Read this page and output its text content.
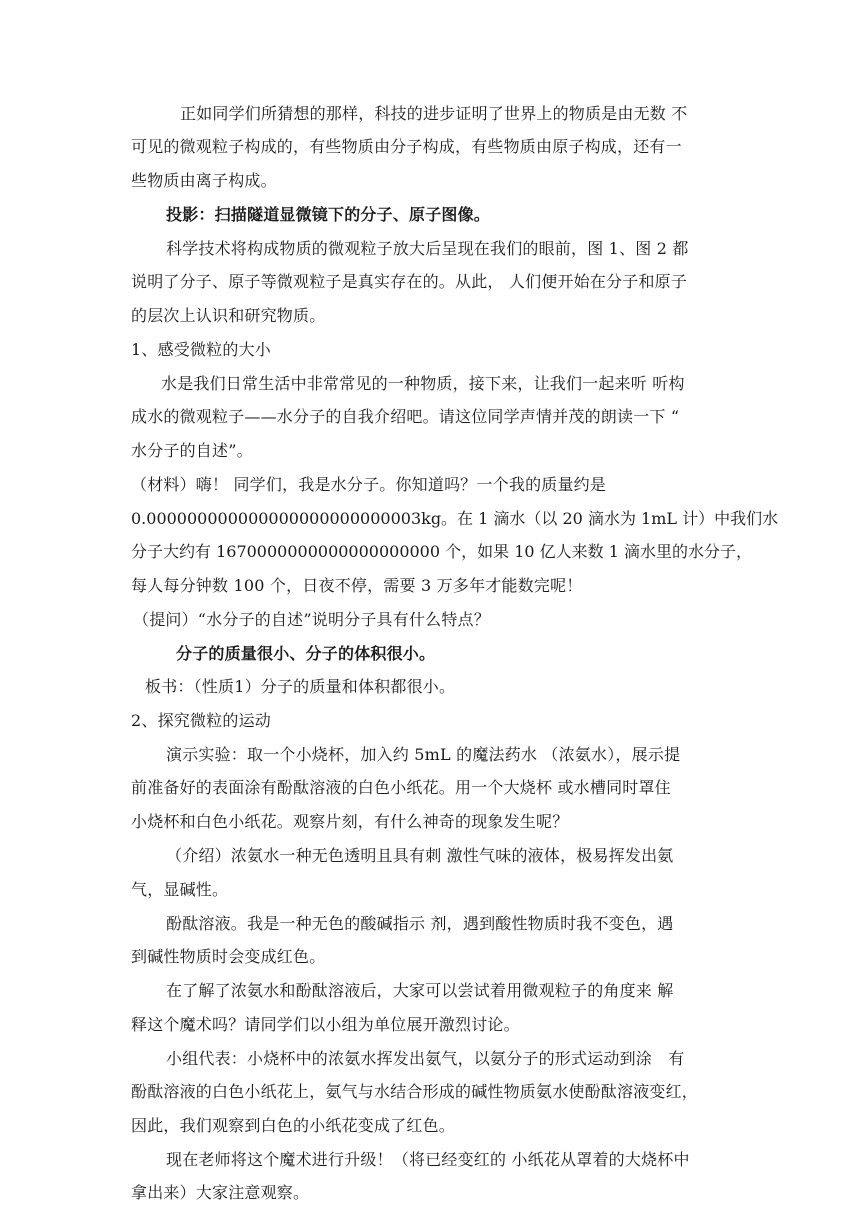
正如同学们所猜想的那样，科技的进步证明了世界上的物质是由无数 不
可见的微观粒子构成的，有些物质由分子构成，有些物质由原子构成，还有一
些物质由离子构成。
投影：扫描隧道显微镜下的分子、原子图像。
科学技术将构成物质的微观粒子放大后呈现在我们的眼前，图 1、图 2 都
说明了分子、原子等微观粒子是真实存在的。从此， 人们便开始在分子和原子
的层次上认识和研究物质。
1、感受微粒的大小
水是我们日常生活中非常常见的一种物质，接下来，让我们一起来听 听构
成水的微观粒子——水分子的自我介绍吧。请这位同学声情并茂的朗读一下 “
水分子的自述”。
（材料）嗨！ 同学们，我是水分子。你知道吗？一个我的质量约是
0.000000000000000000000000003kg。在 1 滴水（以 20 滴水为 1mL 计）中我们水
分子大约有 1670000000000000000000 个，如果 10 亿人来数 1 滴水里的水分子，
每人每分钟数 100 个，日夜不停，需要 3 万多年才能数完呢！
（提问）“水分子的自述”说明分子具有什么特点？
分子的质量很小、分子的体积很小。
板书：（性质1）分子的质量和体积都很小。
2、探究微粒的运动
演示实验：取一个小烧杯，加入约 5mL 的魔法药水 （浓氨水），展示提
前准备好的表面涂有酚酞溶液的白色小纸花。用一个大烧杯 或水槽同时罩住
小烧杯和白色小纸花。观察片刻，有什么神奇的现象发生呢？
（介绍）浓氨水一种无色透明且具有刺 激性气味的液体，极易挥发出氨
气，显碱性。
酚酞溶液。我是一种无色的酸碱指示 剂，遇到酸性物质时我不变色，遇
到碱性物质时会变成红色。
在了解了浓氨水和酚酞溶液后，大家可以尝试着用微观粒子的角度来 解
释这个魔术吗？请同学们以小组为单位展开激烈讨论。
小组代表：小烧杯中的浓氨水挥发出氨气，以氨分子的形式运动到涂　有
酚酞溶液的白色小纸花上，氨气与水结合形成的碱性物质氨水使酚酞溶液变红，
因此，我们观察到白色的小纸花变成了红色。
现在老师将这个魔术进行升级！（将已经变红的 小纸花从罩着的大烧杯中
拿出来）大家注意观察。
